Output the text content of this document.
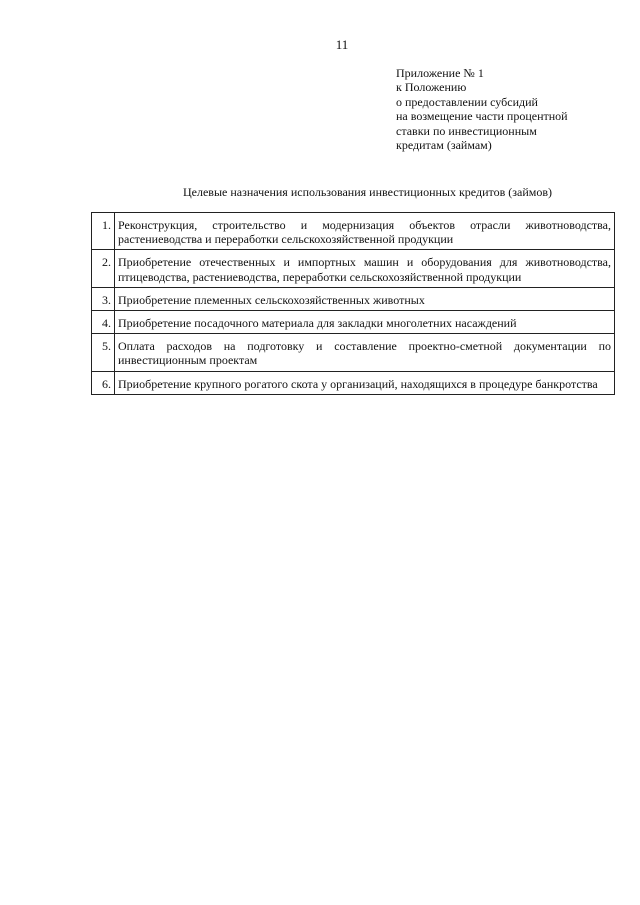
11
Приложение № 1
к Положению
о предоставлении субсидий
на возмещение части процентной
ставки по инвестиционным
кредитам (займам)
Целевые назначения использования инвестиционных кредитов (займов)
1.	Реконструкция, строительство и модернизация объектов отрасли животноводства, растениеводства и переработки сельскохозяйственной продукции
2.	Приобретение отечественных и импортных машин и оборудования для животноводства, птицеводства, растениеводства, переработки сельскохозяйственной продукции
3.	Приобретение племенных сельскохозяйственных животных
4.	Приобретение посадочного материала для закладки многолетних насаждений
5.	Оплата расходов на подготовку и составление проектно-сметной документации по инвестиционным проектам
6.	Приобретение крупного рогатого скота у организаций, находящихся в процедуре банкротства
